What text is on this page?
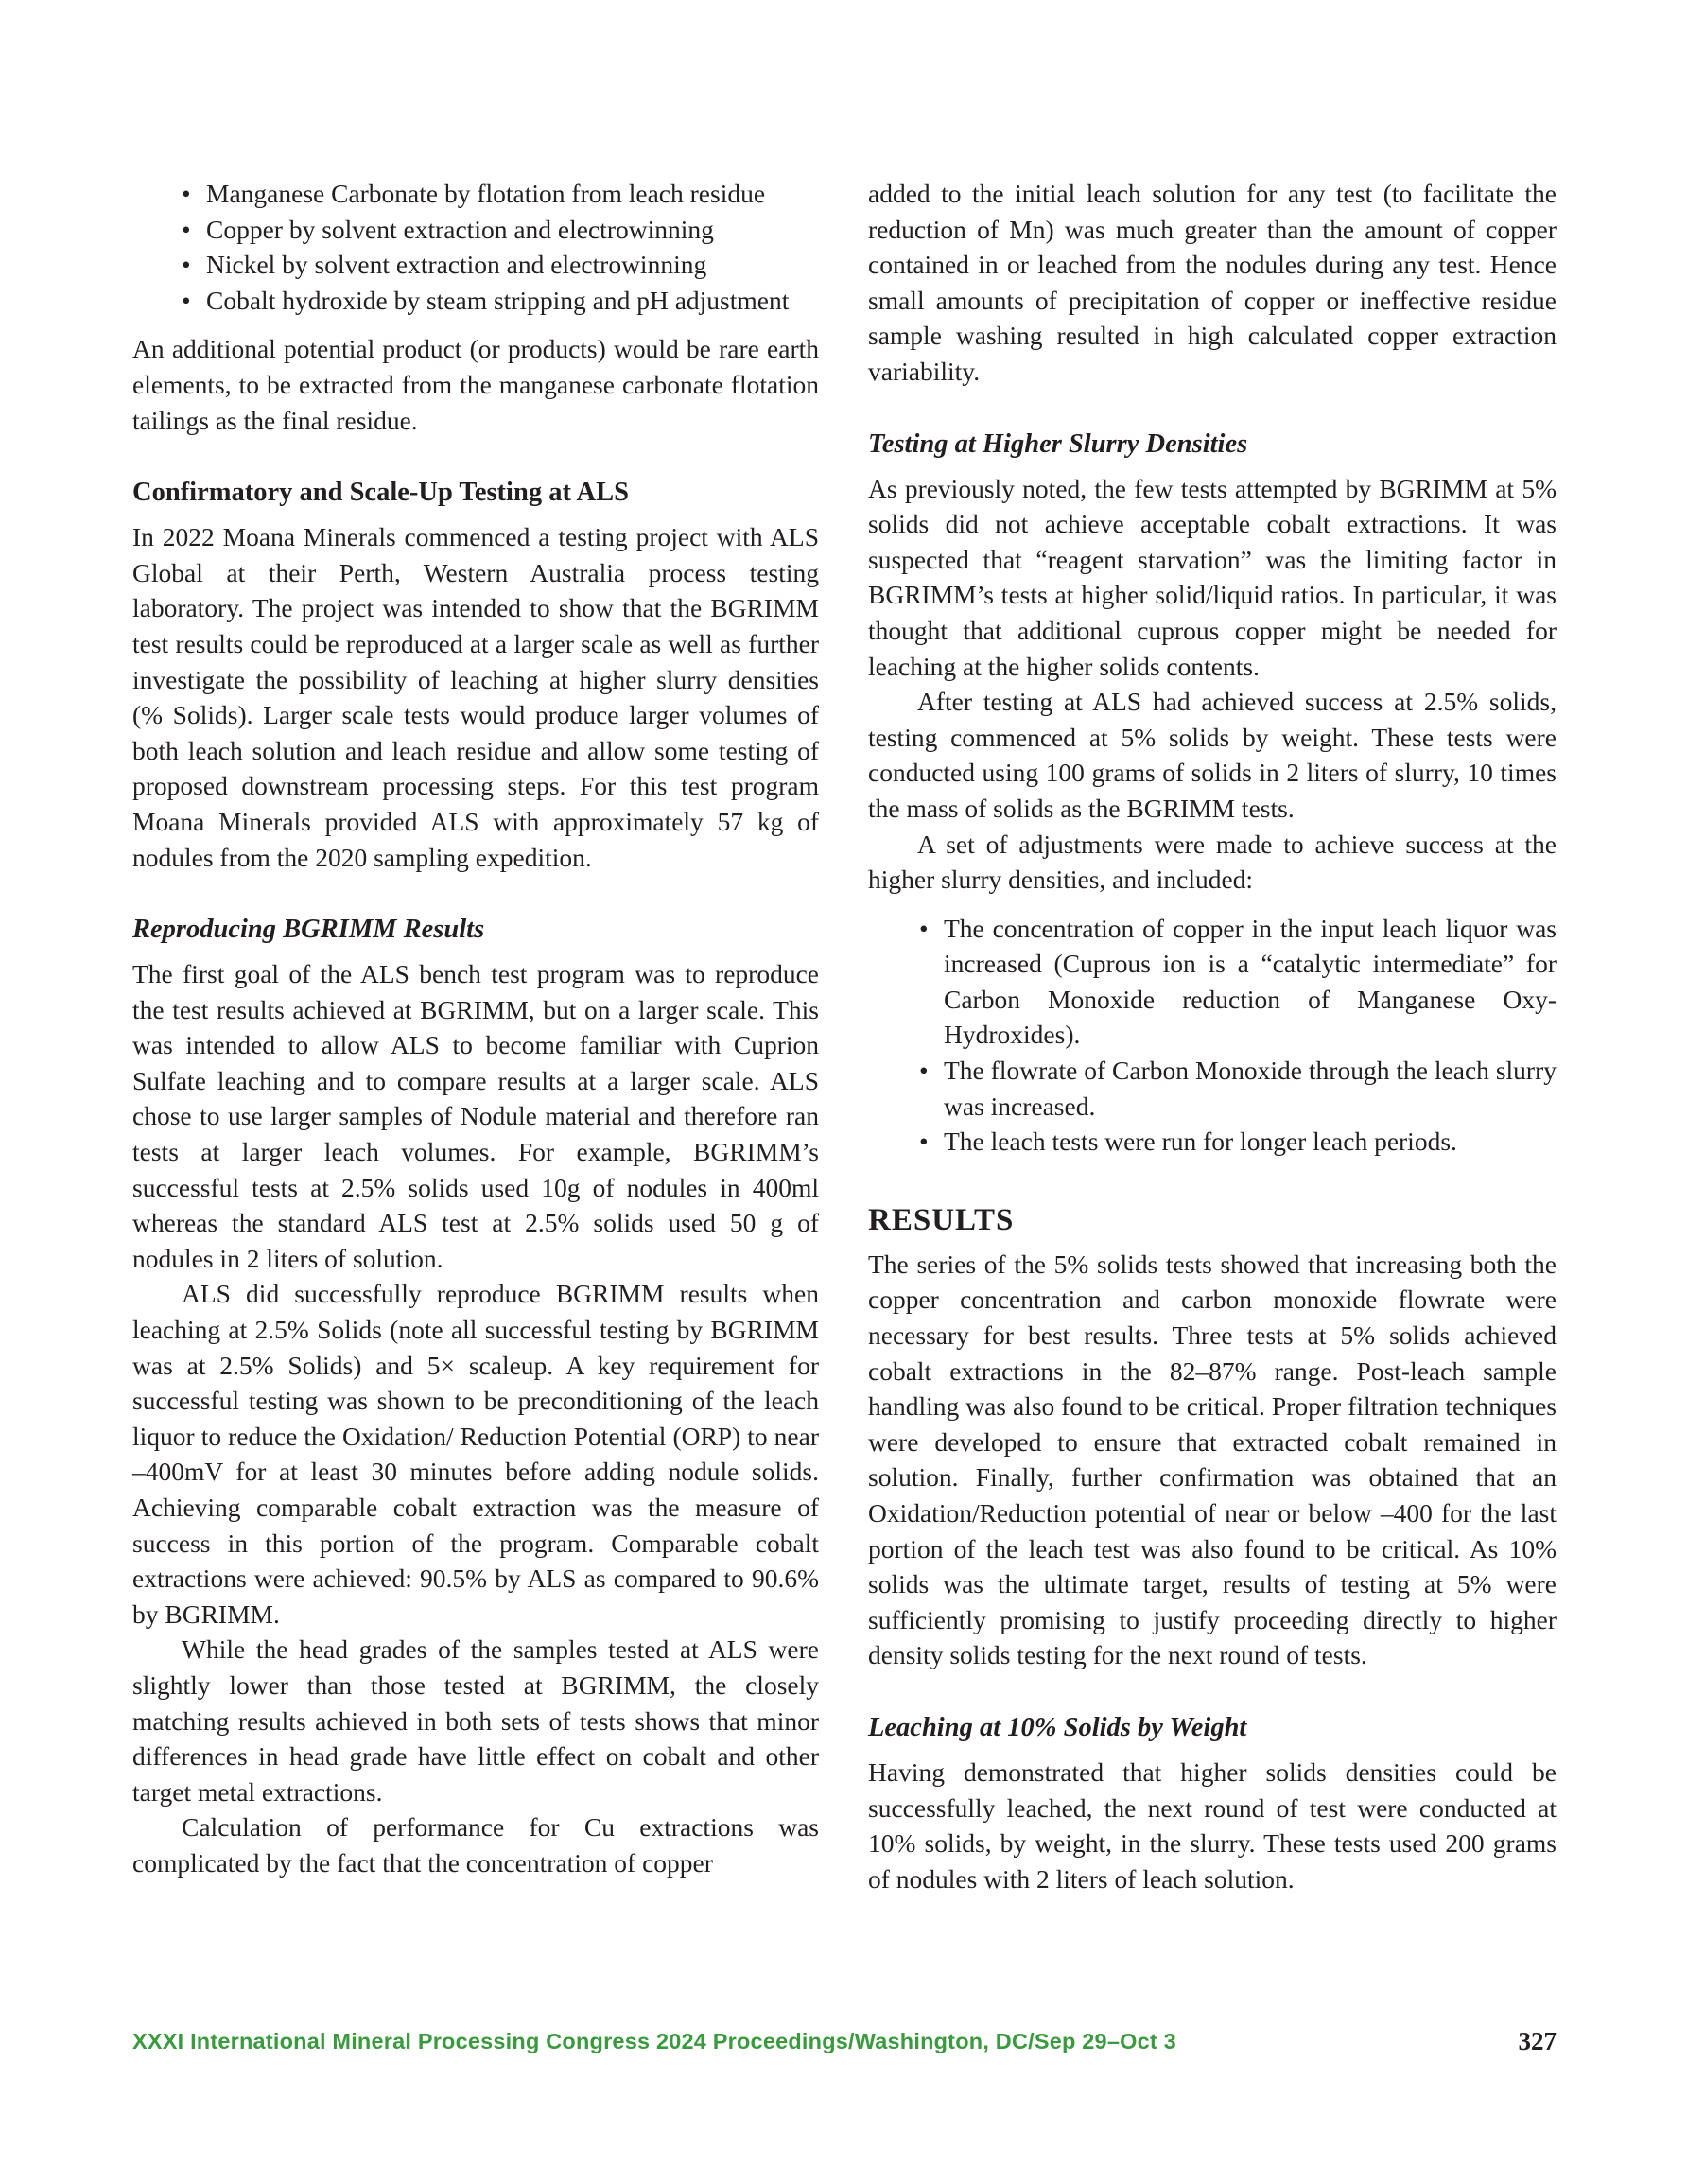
• Manganese Carbonate by flotation from leach residue
• Copper by solvent extraction and electrowinning
• Nickel by solvent extraction and electrowinning
• Cobalt hydroxide by steam stripping and pH adjustment

An additional potential product (or products) would be rare earth elements, to be extracted from the manganese carbonate flotation tailings as the final residue.

Confirmatory and Scale-Up Testing at ALS

In 2022 Moana Minerals commenced a testing project with ALS Global at their Perth, Western Australia process testing laboratory. The project was intended to show that the BGRIMM test results could be reproduced at a larger scale as well as further investigate the possibility of leaching at higher slurry densities (% Solids). Larger scale tests would produce larger volumes of both leach solution and leach residue and allow some testing of proposed downstream processing steps. For this test program Moana Minerals provided ALS with approximately 57 kg of nodules from the 2020 sampling expedition.

Reproducing BGRIMM Results

The first goal of the ALS bench test program was to reproduce the test results achieved at BGRIMM, but on a larger scale. This was intended to allow ALS to become familiar with Cuprion Sulfate leaching and to compare results at a larger scale. ALS chose to use larger samples of Nodule material and therefore ran tests at larger leach volumes. For example, BGRIMM’s successful tests at 2.5% solids used 10g of nodules in 400ml whereas the standard ALS test at 2.5% solids used 50 g of nodules in 2 liters of solution.

ALS did successfully reproduce BGRIMM results when leaching at 2.5% Solids (note all successful testing by BGRIMM was at 2.5% Solids) and 5× scaleup. A key requirement for successful testing was shown to be preconditioning of the leach liquor to reduce the Oxidation/ Reduction Potential (ORP) to near –400mV for at least 30 minutes before adding nodule solids. Achieving comparable cobalt extraction was the measure of success in this portion of the program. Comparable cobalt extractions were achieved: 90.5% by ALS as compared to 90.6% by BGRIMM.

While the head grades of the samples tested at ALS were slightly lower than those tested at BGRIMM, the closely matching results achieved in both sets of tests shows that minor differences in head grade have little effect on cobalt and other target metal extractions.

Calculation of performance for Cu extractions was complicated by the fact that the concentration of copper

added to the initial leach solution for any test (to facilitate the reduction of Mn) was much greater than the amount of copper contained in or leached from the nodules during any test. Hence small amounts of precipitation of copper or ineffective residue sample washing resulted in high calculated copper extraction variability.

Testing at Higher Slurry Densities

As previously noted, the few tests attempted by BGRIMM at 5% solids did not achieve acceptable cobalt extractions. It was suspected that “reagent starvation” was the limiting factor in BGRIMM’s tests at higher solid/liquid ratios. In particular, it was thought that additional cuprous copper might be needed for leaching at the higher solids contents.

After testing at ALS had achieved success at 2.5% solids, testing commenced at 5% solids by weight. These tests were conducted using 100 grams of solids in 2 liters of slurry, 10 times the mass of solids as the BGRIMM tests.

A set of adjustments were made to achieve success at the higher slurry densities, and included:

• The concentration of copper in the input leach liquor was increased (Cuprous ion is a “catalytic intermediate” for Carbon Monoxide reduction of Manganese Oxy-Hydroxides).
• The flowrate of Carbon Monoxide through the leach slurry was increased.
• The leach tests were run for longer leach periods.
RESULTS

The series of the 5% solids tests showed that increasing both the copper concentration and carbon monoxide flowrate were necessary for best results. Three tests at 5% solids achieved cobalt extractions in the 82–87% range. Post-leach sample handling was also found to be critical. Proper filtration techniques were developed to ensure that extracted cobalt remained in solution. Finally, further confirmation was obtained that an Oxidation/Reduction potential of near or below –400 for the last portion of the leach test was also found to be critical. As 10% solids was the ultimate target, results of testing at 5% were sufficiently promising to justify proceeding directly to higher density solids testing for the next round of tests.

Leaching at 10% Solids by Weight

Having demonstrated that higher solids densities could be successfully leached, the next round of test were conducted at 10% solids, by weight, in the slurry. These tests used 200 grams of nodules with 2 liters of leach solution.

XXXI International Mineral Processing Congress 2024 Proceedings/Washington, DC/Sep 29–Oct 3	327
